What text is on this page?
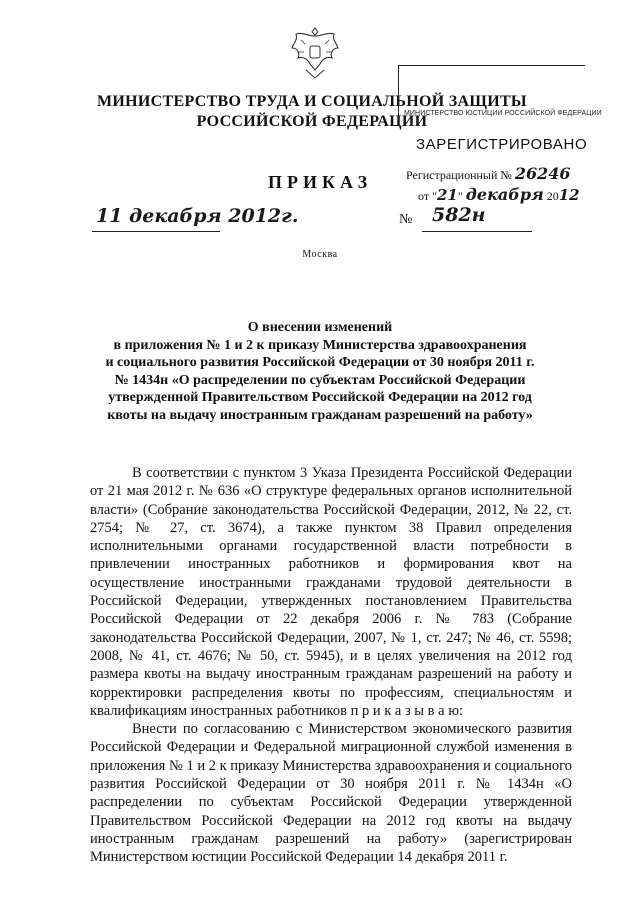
МИНИСТЕРСТВО ТРУДА И СОЦИАЛЬНОЙ ЗАЩИТЫ
РОССИЙСКОЙ ФЕДЕРАЦИИ
МИНИСТЕРСТВО ЮСТИЦИИ РОССИЙСКОЙ ФЕДЕРАЦИИ
ЗАРЕГИСТРИРОВАНО
Регистрационный № 26246
от "21" декабря 2012
ПРИКАЗ
11 декабря 2012г.	№ 582н
Москва
О внесении изменений
в приложения № 1 и 2 к приказу Министерства здравоохранения
и социального развития Российской Федерации от 30 ноября 2011 г.
№ 1434н «О распределении по субъектам Российской Федерации
утвержденной Правительством Российской Федерации на 2012 год
квоты на выдачу иностранным гражданам разрешений на работу»

В соответствии с пунктом 3 Указа Президента Российской Федерации от 21 мая 2012 г. № 636 «О структуре федеральных органов исполнительной власти» (Собрание законодательства Российской Федерации, 2012, № 22, ст. 2754; № 27, ст. 3674), а также пунктом 38 Правил определения исполнительными органами государственной власти потребности в привлечении иностранных работников и формирования квот на осуществление иностранными гражданами трудовой деятельности в Российской Федерации, утвержденных постановлением Правительства Российской Федерации от 22 декабря 2006 г. № 783 (Собрание законодательства Российской Федерации, 2007, № 1, ст. 247; № 46, ст. 5598; 2008, № 41, ст. 4676; № 50, ст. 5945), и в целях увеличения на 2012 год размера квоты на выдачу иностранным гражданам разрешений на работу и корректировки распределения квоты по профессиям, специальностям и квалификациям иностранных работников п р и к а з ы в а ю:

Внести по согласованию с Министерством экономического развития Российской Федерации и Федеральной миграционной службой изменения в приложения № 1 и 2 к приказу Министерства здравоохранения и социального развития Российской Федерации от 30 ноября 2011 г. № 1434н «О распределении по субъектам Российской Федерации утвержденной Правительством Российской Федерации на 2012 год квоты на выдачу иностранным гражданам разрешений на работу» (зарегистрирован Министерством юстиции Российской Федерации 14 декабря 2011 г.
